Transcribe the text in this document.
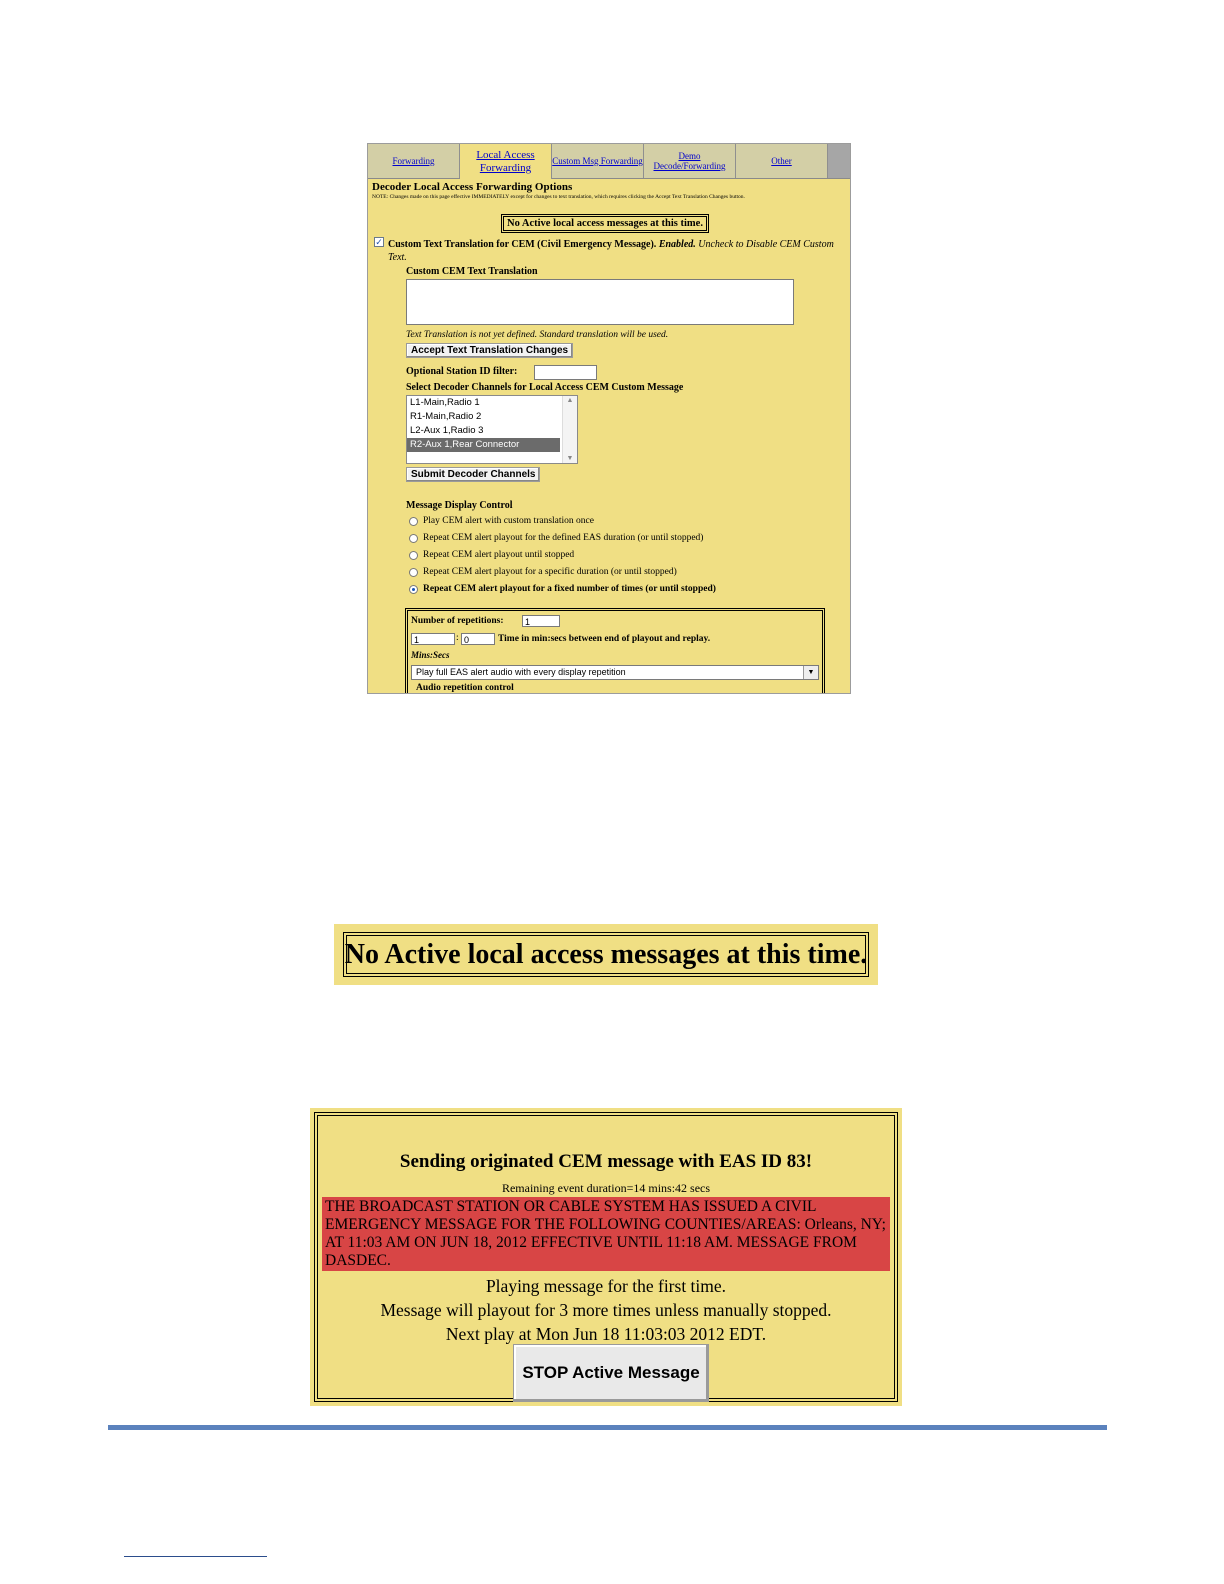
Forwarding
Local Access Forwarding
Custom Msg Forwarding	Demo Decode/Forwarding	Other
Decoder Local Access Forwarding Options
NOTE: Changes made on this page effective IMMEDIATELY except for changes to text translation, which requires clicking the Accept Text Translation Changes button.
No Active local access messages at this time.
✓ Custom Text Translation for CEM (Civil Emergency Message). Enabled. Uncheck to Disable CEM Custom Text.
Custom CEM Text Translation
Text Translation is not yet defined. Standard translation will be used.
Accept Text Translation Changes
Optional Station ID filter:
Select Decoder Channels for Local Access CEM Custom Message
L1-Main,Radio 1
R1-Main,Radio 2
L2-Aux 1,Radio 3
R2-Aux 1,Rear Connector
▲
▼
Submit Decoder Channels
Message Display Control
Play CEM alert with custom translation once
Repeat CEM alert playout for the defined EAS duration (or until stopped)
Repeat CEM alert playout until stopped
Repeat CEM alert playout for a specific duration (or until stopped)
Repeat CEM alert playout for a fixed number of times (or until stopped)
Number of repetitions:	1
1	: 0	Time in min:secs between end of playout and replay.
Mins:Secs
Play full EAS alert audio with every display repetition	▼
Audio repetition control
No Active local access messages at this time.
Sending originated CEM message with EAS ID 83!
Remaining event duration=14 mins:42 secs
THE BROADCAST STATION OR CABLE SYSTEM HAS ISSUED A CIVIL EMERGENCY MESSAGE FOR THE FOLLOWING COUNTIES/AREAS: Orleans, NY; AT 11:03 AM ON JUN 18, 2012 EFFECTIVE UNTIL 11:18 AM. MESSAGE FROM DASDEC.
Playing message for the first time.
Message will playout for 3 more times unless manually stopped.
Next play at Mon Jun 18 11:03:03 2012 EDT.
STOP Active Message
